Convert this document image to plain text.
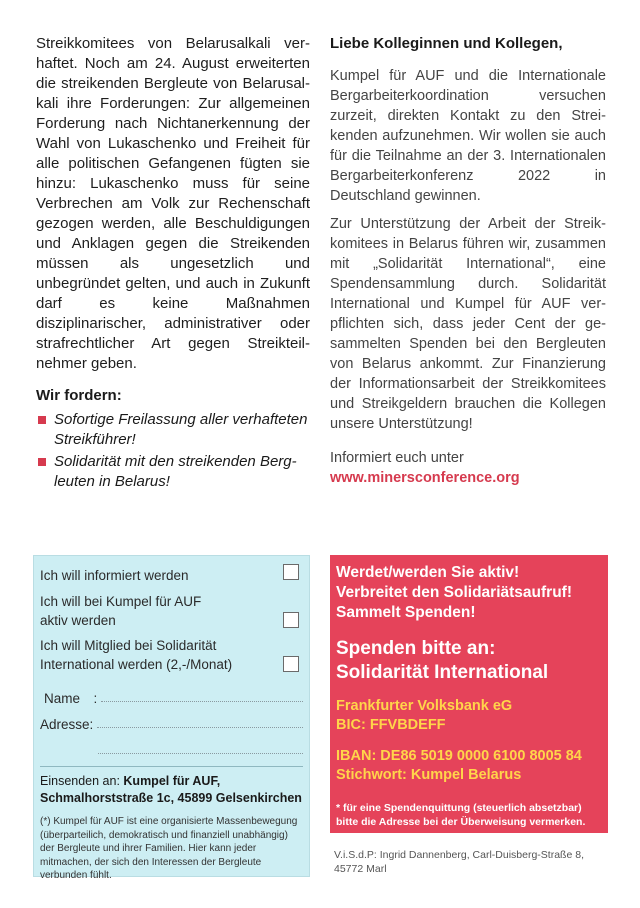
Streikkomitees von Belarusalkali verhaftet. Noch am 24. August erweiterten die streikenden Bergleute von Belarusalkali ihre Forderungen: Zur allgemeinen Forderung nach Nichtanerkennung der Wahl von Lukaschenko und Freiheit für alle politischen Gefangenen fügten sie hinzu: Lukaschenko muss für seine Verbrechen am Volk zur Rechenschaft gezogen werden, alle Beschuldigungen und Anklagen gegen die Streikenden müssen als ungesetzlich und unbegründet gelten, und auch in Zukunft darf es keine Maßnahmen disziplinarischer, administrativer oder strafrechtlicher Art gegen Streikteilnehmer geben.
Wir fordern:
Sofortige Freilassung aller verhafteten Streikführer!
Solidarität mit den streikenden Bergleuten in Belarus!
Liebe Kolleginnen und Kollegen,
Kumpel für AUF und die Internationale Bergarbeiterkoordination versuchen zurzeit, direkten Kontakt zu den Streikenden aufzunehmen. Wir wollen sie auch für die Teilnahme an der 3. Internationalen Bergarbeiterkonferenz 2022 in Deutschland gewinnen.
Zur Unterstützung der Arbeit der Streikkomitees in Belarus führen wir, zusammen mit „Solidarität International“, eine Spendensammlung durch. Solidarität International und Kumpel für AUF verpflichten sich, dass jeder Cent der gesammelten Spenden bei den Bergleuten von Belarus ankommt. Zur Finanzierung der Informationsarbeit der Streikkomitees und Streikgeldern brauchen die Kollegen unsere Unterstützung!
Informiert euch unter
www.minersconference.org
Ich will informiert werden
Ich will bei Kumpel für AUF
aktiv werden
Ich will Mitglied bei Solidarität
International werden (2,-/Monat)
Name :
Adresse:
Einsenden an: Kumpel für AUF, Schmalhorststraße 1c, 45899 Gelsenkirchen
(*) Kumpel für AUF ist eine organisierte Massenbewegung (überparteilich, demokratisch und finanziell unabhängig) der Bergleute und ihrer Familien. Hier kann jeder mitmachen, der sich den Interessen der Bergleute verbunden fühlt.
Werdet/werden Sie aktiv!
Verbreitet den Solidariätsaufruf!
Sammelt Spenden!
Spenden bitte an:
Solidarität International
Frankfurter Volksbank eG
BIC: FFVBDEFF
IBAN: DE86 5019 0000 6100 8005 84
Stichwort: Kumpel Belarus
* für eine Spendenquittung (steuerlich absetzbar) bitte die Adresse bei der Überweisung vermerken.
V.i.S.d.P: Ingrid Dannenberg, Carl-Duisberg-Straße 8, 45772 Marl
